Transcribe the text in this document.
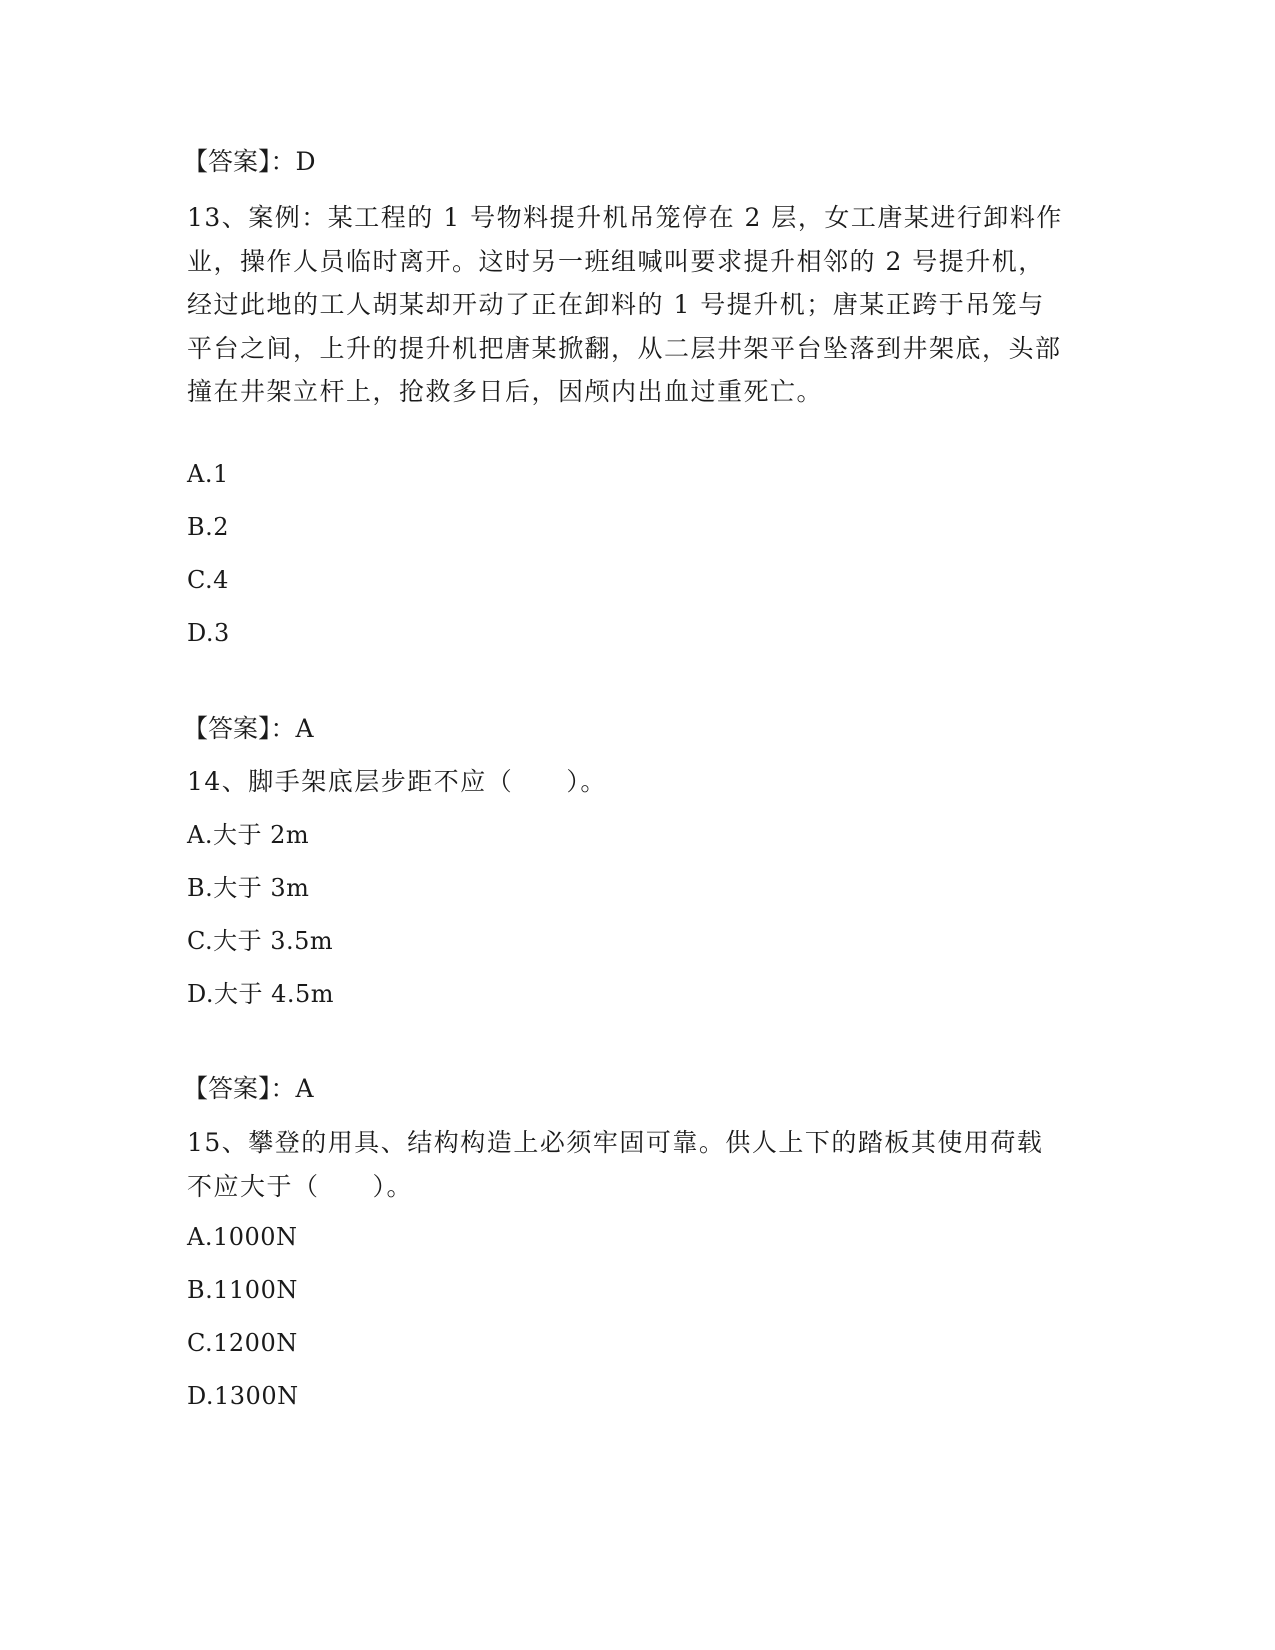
【答案】：D
13、案例：某工程的 1 号物料提升机吊笼停在 2 层，女工唐某进行卸料作业，操作人员临时离开。这时另一班组喊叫要求提升相邻的 2 号提升机，经过此地的工人胡某却开动了正在卸料的 1 号提升机；唐某正跨于吊笼与平台之间，上升的提升机把唐某掀翻，从二层井架平台坠落到井架底，头部撞在井架立杆上，抢救多日后，因颅内出血过重死亡。
A.1
B.2
C.4
D.3
【答案】：A
14、脚手架底层步距不应（　　）。
A.大于 2m
B.大于 3m
C.大于 3.5m
D.大于 4.5m
【答案】：A
15、攀登的用具、结构构造上必须牢固可靠。供人上下的踏板其使用荷载不应大于（　　）。
A.1000N
B.1100N
C.1200N
D.1300N
